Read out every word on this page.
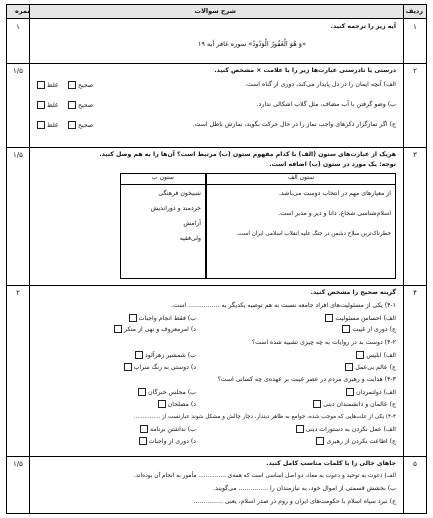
ردیف
شرح سوالات
نمره
۱
۱	آیه زیر را ترجمه کنید.
«وَ هُوَ الْغَفُورُ الْوَدُودُ» سوره غافر آیه ۱۹
۲
۱/۵	درستی یا نادرستی عبارت‌ها زیر را با علامت × مشخص کنید.
الف) آنچه ایمان را در دل پایدار می‌کند، دوری از گناه است.
صحیح    غلط
ب) وضو گرفتن با آب مضاف، مثل گلاب اشکالی ندارد.
صحیح    غلط
ج) اگر نمازگزار ذکرهای واجب نماز را در حال حرکت بگوید، نمازش باطل است.
صحیح    غلط
۳
۱/۵	هریک از عبارت‌های ستون (الف) با کدام مفهوم ستون (ب) مرتبط است؟ آن‌ها را به هم وصل کنید.
توجه: یک مورد در ستون (ب) اضافه است.
ستون الف
از معیارهای مهم در انتخاب دوست می‌باشد.
اسلام‌شناسی شجاع، دانا و دیر و مدبر است.
خطرناک‌ترین سلاح دشمن در جنگ علیه انقلاب اسلامی ایران است.
ستون ب
شبیخون فرهنگی
خردمند و دوراندیش
آرامش
ولی‌فقیه
۴
۲	گزینه صحیح را مشخص کنید.
۴-۱) یکی از مسئولیت‌های افراد جامعه نسبت به هم توصیه یکدیگر به ................ است.
الف) احساس مسئولیت
ب) فقط انجام واجبات
ج) دوری از غیبت
د) امرمعروف و نهی از منکر
۴-۲) دوست بد در روایات به چه چیزی تشبیه شده است؟
الف) ابلیس
ب) شمشیر زهرآلود
ج) عالم بی‌عمل
د) دوستی به رنگ سراب
۴-۳) هدایت و رهبری مردم در عصر غیبت بر عهده‌ی چه کسانی است؟
الف) دولتمردان
ب) مجلس خبرگان
ج) عالمان و دانشمندان دینی
د) مصلحان
۴-۴) یکی از علت‌هایی که موجب شده، جوامع به ظاهر دیندار، دچار چالش و مشکل شوند عبارتست از ...............
الف) عمل نکردن به دستورات دینی
ب) نداشتن برنامه
ج) اطاعت نکردن از رهبری
د) دوری از واجبات
۵
۱/۵	جاهای خالی را با کلمات مناسب کامل کنید.
الف) دعوت به توحید و دعوت به معاد، دو اصل اساسی است که همه‌ی ............... مأمور به انجام آن بوده‌اند.
ب) بخشش قسمتی از اموال خود، به نیازمندان را ............... می‌گویند.
ج) نبرد سپاه اسلام با حکومت‌های ایران و روم در صدر اسلام، یعنی ...............
